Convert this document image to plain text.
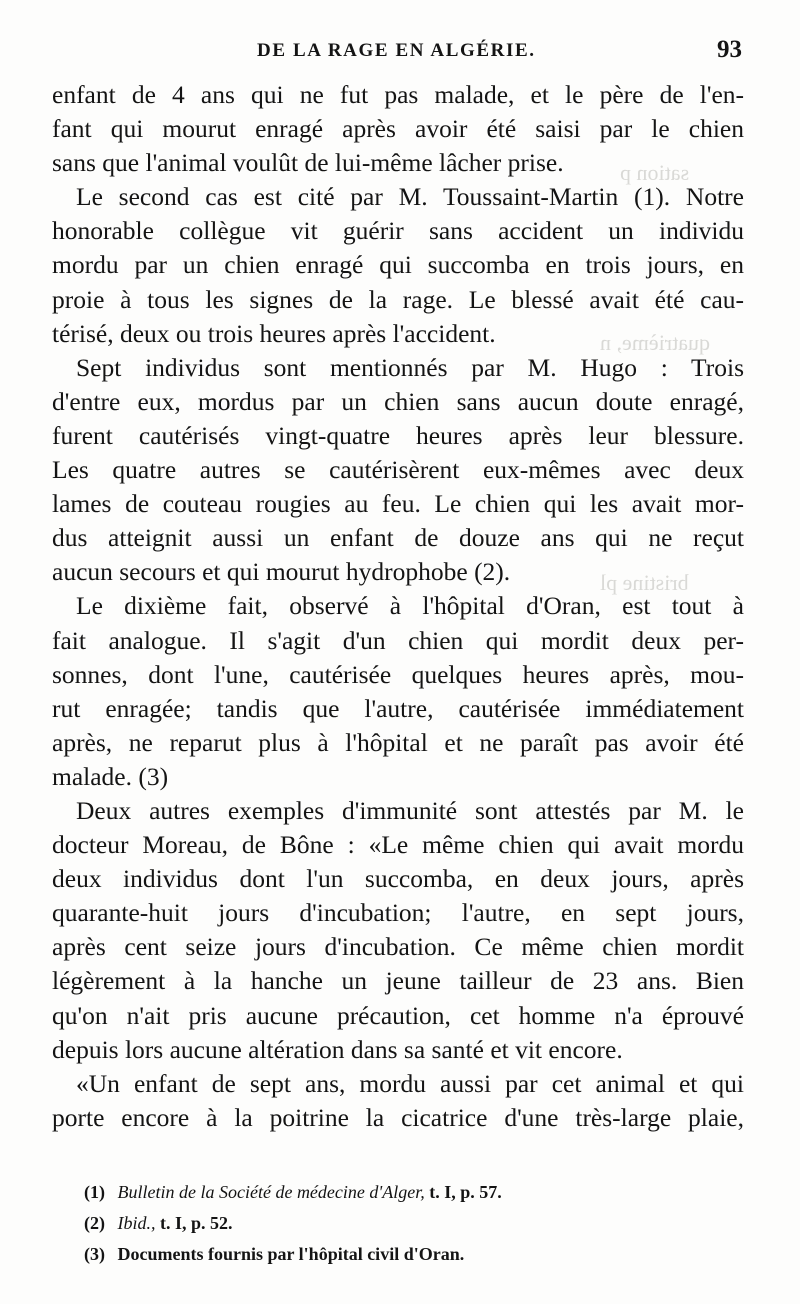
sation p
quatrième, n
bristine pl
DE LA RAGE EN ALGÉRIE.	93
enfant de 4 ans qui ne fut pas malade, et le père de l'en-
fant qui mourut enragé après avoir été saisi par le chien
sans que l'animal voulût de lui-même lâcher prise.
Le second cas est cité par M. Toussaint-Martin (1). Notre
honorable collègue vit guérir sans accident un individu
mordu par un chien enragé qui succomba en trois jours, en
proie à tous les signes de la rage. Le blessé avait été cau-
térisé, deux ou trois heures après l'accident.
Sept individus sont mentionnés par M. Hugo : Trois
d'entre eux, mordus par un chien sans aucun doute enragé,
furent cautérisés vingt-quatre heures après leur blessure.
Les quatre autres se cautérisèrent eux-mêmes avec deux
lames de couteau rougies au feu. Le chien qui les avait mor-
dus atteignit aussi un enfant de douze ans qui ne reçut
aucun secours et qui mourut hydrophobe (2).
Le dixième fait, observé à l'hôpital d'Oran, est tout à
fait analogue. Il s'agit d'un chien qui mordit deux per-
sonnes, dont l'une, cautérisée quelques heures après, mou-
rut enragée; tandis que l'autre, cautérisée immédiatement
après, ne reparut plus à l'hôpital et ne paraît pas avoir été
malade. (3)
Deux autres exemples d'immunité sont attestés par M. le
docteur Moreau, de Bône : «Le même chien qui avait mordu
deux individus dont l'un succomba, en deux jours, après
quarante-huit jours d'incubation; l'autre, en sept jours,
après cent seize jours d'incubation. Ce même chien mordit
légèrement à la hanche un jeune tailleur de 23 ans. Bien
qu'on n'ait pris aucune précaution, cet homme n'a éprouvé
depuis lors aucune altération dans sa santé et vit encore.
«Un enfant de sept ans, mordu aussi par cet animal et qui
porte encore à la poitrine la cicatrice d'une très-large plaie,
(1) Bulletin de la Société de médecine d'Alger, t. I, p. 57.
(2) Ibid., t. I, p. 52.
(3) Documents fournis par l'hôpital civil d'Oran.
